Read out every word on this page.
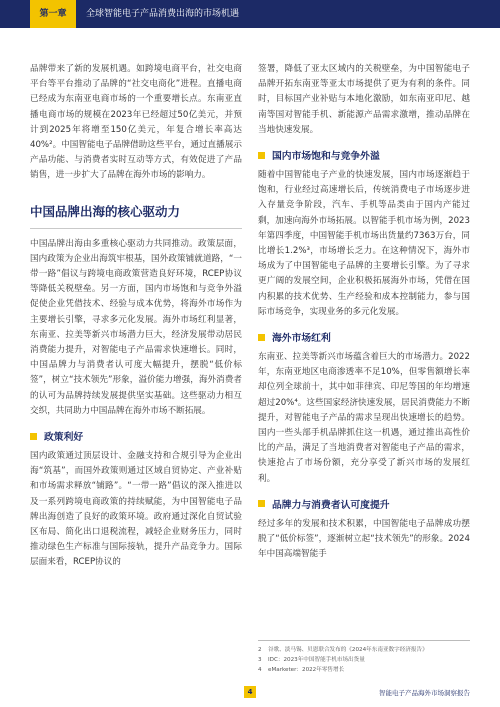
第一章	全球智能电子产品消费出海的市场机遇

品牌带来了新的发展机遇。如跨境电商平台，社交电商平台等平台推动了品牌的“社交电商化”进程。直播电商已经成为东南亚电商市场的一个重要增长点。东南亚直播电商市场的规模在2023年已经超过50亿美元，并预计到2025年将增至150亿美元，年复合增长率高达40%²。中国智能电子品牌借助这些平台，通过直播展示产品功能、与消费者实时互动等方式，有效促进了产品销售，进一步扩大了品牌在海外市场的影响力。

中国品牌出海的核心驱动力

中国品牌出海由多重核心驱动力共同推动。政策层面，国内政策为企业出海筑牢根基，国外政策铺就道路，“一带一路”倡议与跨境电商政策营造良好环境，RCEP协议等降低关税壁垒。另一方面，国内市场饱和与竞争外溢促使企业凭借技术、经验与成本优势，将海外市场作为主要增长引擎，寻求多元化发展。海外市场红利显著，东南亚、拉美等新兴市场潜力巨大，经济发展带动居民消费能力提升，对智能电子产品需求快速增长。同时，中国品牌力与消费者认可度大幅提升，摆脱“低价标签”，树立“技术领先”形象，溢价能力增强，海外消费者的认可为品牌持续发展提供坚实基础。这些驱动力相互交织，共同助力中国品牌在海外市场不断拓展。

政策利好

国内政策通过顶层设计、金融支持和合规引导为企业出海“筑基”，而国外政策则通过区域自贸协定、产业补贴和市场需求释放“铺路”。“一带一路”倡议的深入推进以及一系列跨境电商政策的持续赋能，为中国智能电子品牌出海创造了良好的政策环境。政府通过深化自贸试验区布局、简化出口退税流程，减轻企业财务压力，同时推动绿色生产标准与国际接轨，提升产品竞争力。国际层面来看，RCEP协议的

签署，降低了亚太区域内的关税壁垒，为中国智能电子品牌开拓东南亚等亚太市场提供了更为有利的条件。同时，目标国产业补贴与本地化激励，如东南亚印尼、越南等国对智能手机、新能源产品需求激增，推动品牌在当地快速发展。

国内市场饱和与竞争外溢

随着中国智能电子产业的快速发展，国内市场逐渐趋于饱和，行业经过高速增长后，传统消费电子市场逐步进入存量竞争阶段，汽车、手机等品类由于国内产能过剩，加速向海外市场拓展。以智能手机市场为例，2023年第四季度，中国智能手机市场出货量约7363万台，同比增长1.2%³，市场增长乏力。在这种情况下，海外市场成为了中国智能电子品牌的主要增长引擎。为了寻求更广阔的发展空间，企业积极拓展海外市场，凭借在国内积累的技术优势、生产经验和成本控制能力，参与国际市场竞争，实现业务的多元化发展。

海外市场红利

东南亚、拉美等新兴市场蕴含着巨大的市场潜力。2022年，东南亚地区电商渗透率不足10%，但零售额增长率却位列全球前十，其中如菲律宾、印尼等国的年均增速超过20%⁴。这些国家经济快速发展，居民消费能力不断提升，对智能电子产品的需求呈现出快速增长的趋势。国内一些头部手机品牌抓住这一机遇，通过推出高性价比的产品，满足了当地消费者对智能电子产品的需求，快速抢占了市场份额，充分享受了新兴市场的发展红利。

品牌力与消费者认可度提升

经过多年的发展和技术积累，中国智能电子品牌成功摆脱了“低价标签”，逐渐树立起“技术领先”的形象。2024年中国高端智能手

2 谷歌、淡马锡、贝恩联合发布的《2024年东南亚数字经济报告》
3 IDC：2023年中国智能手机市场出货量
4 eMarketer：2022年零售增长
4	智能电子产品海外市场洞察报告
